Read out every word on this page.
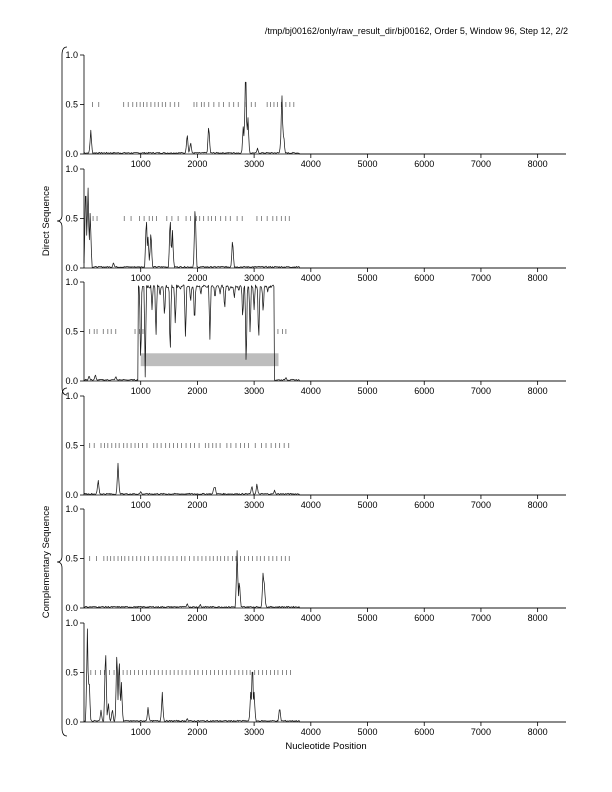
/tmp/bj00162/only/raw_result_dir/bj00162, Order 5, Window 96, Step 12, 2/2
0.0
0.5
1.0
1000	2000	3000	4000	5000	6000	7000	8000
0.0
0.5
1.0
1000	2000	3000	4000	5000	6000	7000	8000
0.0
0.5
1.0
1000	2000	3000	4000	5000	6000	7000	8000
0.0
0.5
1.0
1000	2000	3000	4000	5000	6000	7000	8000
0.0
0.5
1.0
1000	2000	3000	4000	5000	6000	7000	8000
0.0
0.5
1.0
1000	2000	3000	4000	5000	6000	7000	8000
Direct Sequence
Complementary Sequence
Nucleotide Position
